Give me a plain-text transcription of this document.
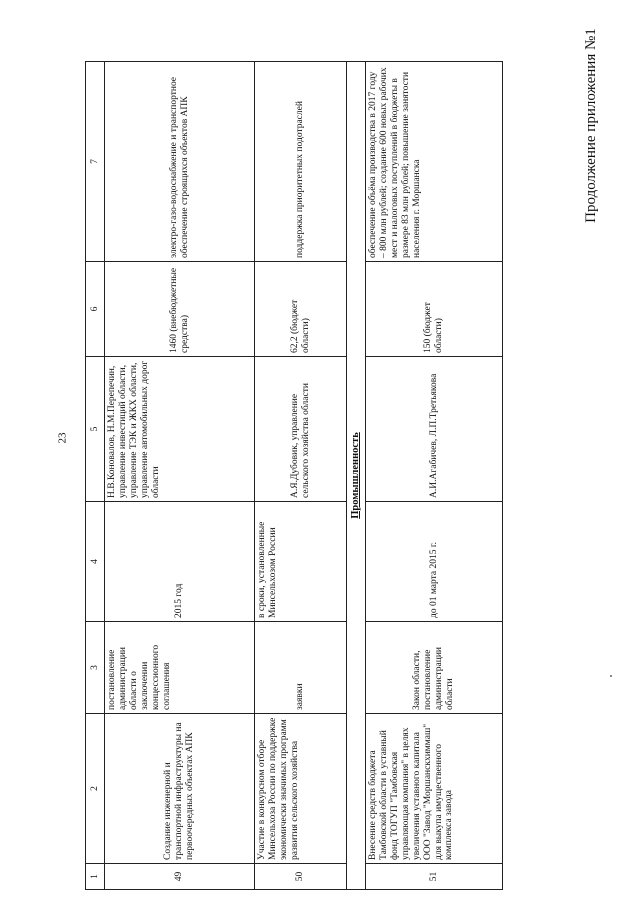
Продолжение приложения №1
23
1	2	3	4	5	6	7
49	Создание инженерной и транспортной инфраструктуры на первоочередных объектах АПК	постановление администрации области о заключении концессионного соглашения	2015 год	Н.В.Коновалов, Н.М.Перепечин, управление инвестиций области, управление ТЭК и ЖКХ области, управление автомобильных дорог области	1460 (внебюджетные средства)	электро-газо-водоснабжение и транспортное обеспечение строящихся объектов АПК
50	Участие в конкурсном отборе Минсельхоза России по поддержке экономически значимых программ развития сельского хозяйства	заявки	в сроки, установленные Минсельхозом России	А.Я.Дубовик, управление сельского хозяйства области	62,2 (бюджет области)	поддержка приоритетных подотраслей
Промышленность						
51	Внесение средств бюджета Тамбовской области в уставный фонд ТОГУП "Тамбовская управляющая компания" в целях увеличения уставного капитала ООО "Завод "Моршанскхиммаш" для выкупа имущественного комплекса завода	Закон области, постановление администрации области	до 01 марта 2015 г.	А.И.Агабичев, Л.П.Третьякова	150 (бюджет области)	обеспечение объёма производства в 2017 году – 800 млн рублей; создание 600 новых рабочих мест и налоговых поступлений в бюджеты в размере 83 млн рублей; повышение занятости населения г. Моршанска
